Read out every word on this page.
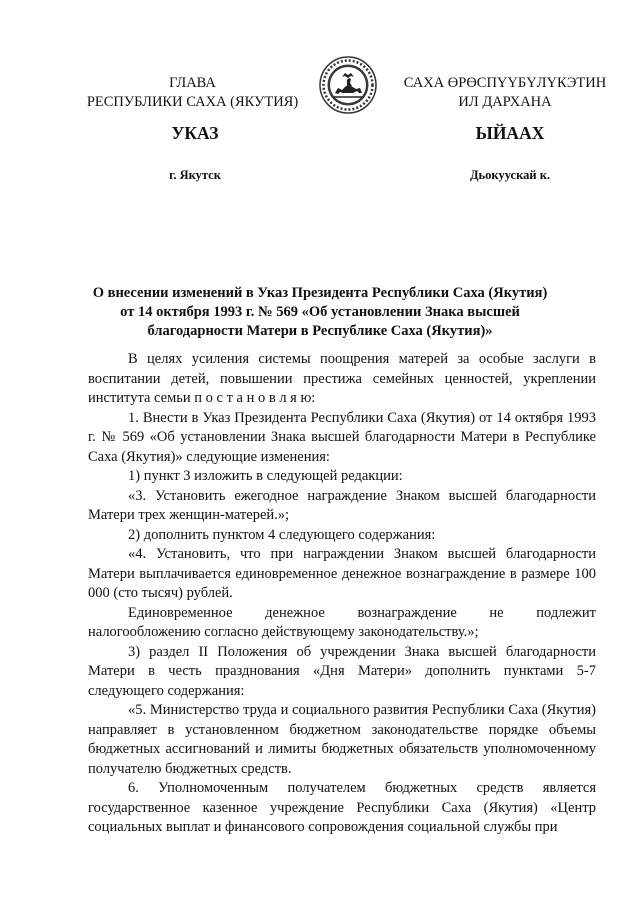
ГЛАВА
РЕСПУБЛИКИ САХА (ЯКУТИЯ)
САХА ӨРӨСПҮҮБҮЛҮКЭТИН
ИЛ ДАРХАНА
УКАЗ	ЫЙААХ
г. Якутск	Дьокуускай к.
О внесении изменений в Указ Президента Республики Саха (Якутия)
от 14 октября 1993 г. № 569 «Об установлении Знака высшей
благодарности Матери в Республике Саха (Якутия)»

В целях усиления системы поощрения матерей за особые заслуги в воспитании детей, повышении престижа семейных ценностей, укреплении института семьи п о с т а н о в л я ю:

1. Внести в Указ Президента Республики Саха (Якутия) от 14 октября 1993 г. № 569 «Об установлении Знака высшей благодарности Матери в Республике Саха (Якутия)» следующие изменения:

1) пункт 3 изложить в следующей редакции:

«3. Установить ежегодное награждение Знаком высшей благодарности Матери трех женщин-матерей.»;

2) дополнить пунктом 4 следующего содержания:

«4. Установить, что при награждении Знаком высшей благодарности Матери выплачивается единовременное денежное вознаграждение в размере 100 000 (сто тысяч) рублей.

Единовременное денежное вознаграждение не подлежит налогообложению согласно действующему законодательству.»;

3) раздел II Положения об учреждении Знака высшей благодарности Матери в честь празднования «Дня Матери» дополнить пунктами 5-7 следующего содержания:

«5. Министерство труда и социального развития Республики Саха (Якутия) направляет в установленном бюджетном законодательстве порядке объемы бюджетных ассигнований и лимиты бюджетных обязательств уполномоченному получателю бюджетных средств.

6. Уполномоченным получателем бюджетных средств является государственное казенное учреждение Республики Саха (Якутия) «Центр социальных выплат и финансового сопровождения социальной службы при
